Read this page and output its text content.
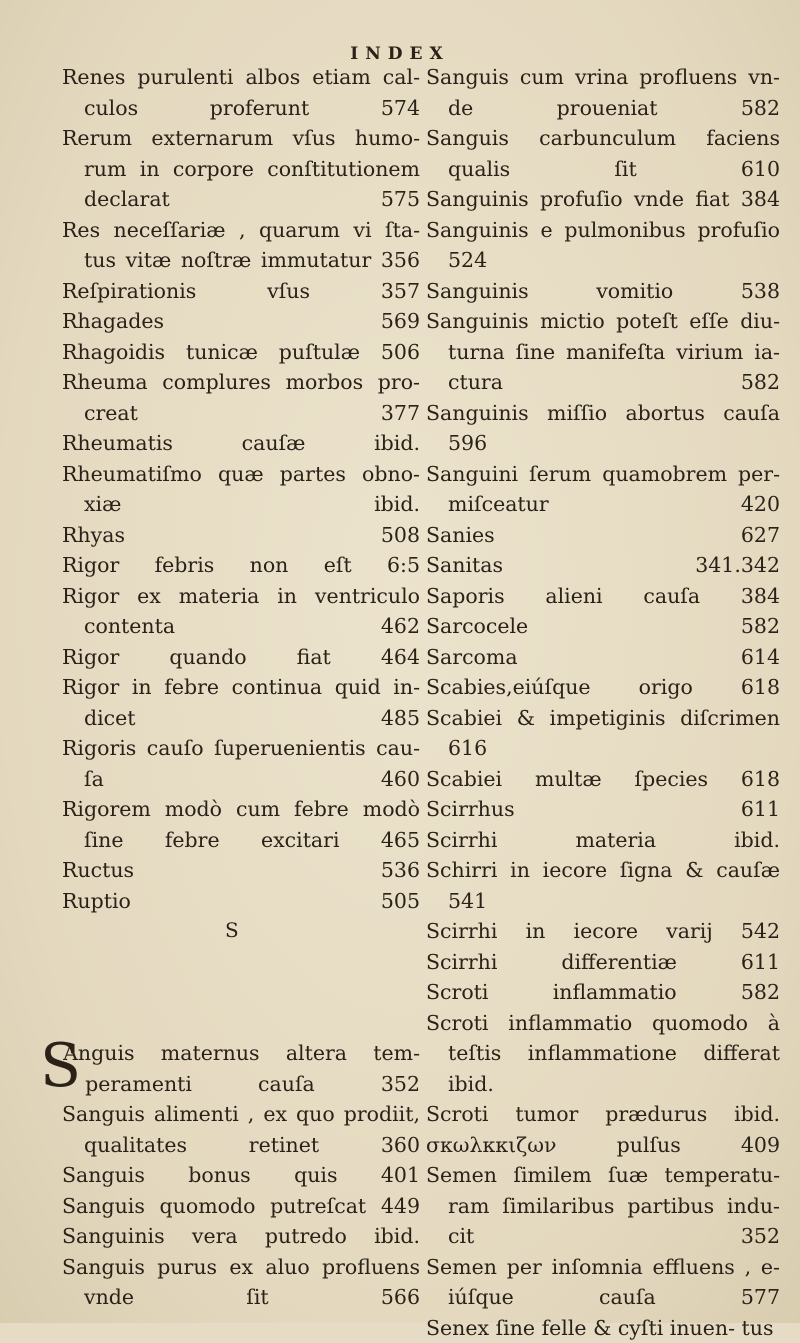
INDEX
Renes purulenti albos etiam cal- culos proferunt 574
Rerum externarum vſus humo- rum in corpore conſtitutionem declarat 575
Res neceſſariæ , quarum vi ſta- tus vitæ noſtræ immutatur 356
Reſpirationis vſus 357
Rhagades 569
Rhagoidis tunicæ puſtulæ 506
Rheuma complures morbos pro- creat 377
Rheumatis cauſæ ibid.
Rheumatiſmo quæ partes obno- xiæ ibid.
Rhyas 508
Rigor febris non eſt 6:5
Rigor ex materia in ventriculo contenta 462
Rigor quando fiat 464
Rigor in febre continua quid in- dicet 485
Rigoris cauſo ſuperuenientis cau- ſa 460
Rigorem modò cum febre modò ſine febre excitari 465
Ructus 536
Ruptio 505
S
Anguis maternus altera tem- peramenti cauſa 352
Sanguis alimenti , ex quo prodiit, qualitates retinet 360
Sanguis bonus quis 401
Sanguis quomodo putreſcat 449
Sanguinis vera putredo ibid.
Sanguis purus ex aluo profluens vnde ſit 566
S
Sanguis cum vrina profluens vn- de proueniat 582
Sanguis carbunculum faciens qualis ſit 610
Sanguinis profuſio vnde fiat 384
Sanguinis e pulmonibus profuſio 524
Sanguinis vomitio 538
Sanguinis mictio poteſt eſſe diu- turna ſine manifeſta virium ia- ctura 582
Sanguinis miſſio abortus cauſa 596
Sanguini ſerum quamobrem per- miſceatur 420
Sanies 627
Sanitas 341.342
Saporis alieni cauſa 384
Sarcocele 582
Sarcoma 614
Scabies,eiúſque origo 618
Scabiei & impetiginis diſcrimen 616
Scabiei multæ ſpecies 618
Scirrhus 611
Scirrhi materia ibid.
Schirri in iecore ſigna & cauſæ 541
Scirrhi in iecore varij 542
Scirrhi differentiæ 611
Scroti inflammatio 582
Scroti inflammatio quomodo à teſtis inflammatione differat ibid.
Scroti tumor prædurus ibid.
σκωλκκιζων pulſus 409
Semen ſimilem ſuæ temperatu- ram ſimilaribus partibus indu- cit 352
Semen per inſomnia effluens , e- iúſque cauſa 577
Senex ſine felle & cyſti inuen- tus
